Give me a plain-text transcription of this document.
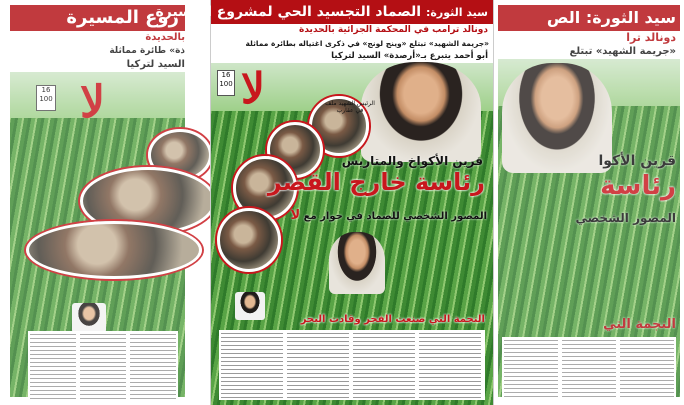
روع المسيرة
بالحديدة
ذة» طائرة مماثلة
السيد لتركيا
لا
16
100
سيد الثورة: الص
دونالد ترا
«جريمة الشهيد» تبتلع
قرين الأكوا
رئاسة
المصور الشخصي
النجمة التي
سيد الثورة: الصماد التجسيد الحي لمشروع المسيرة
دونالد ترامب في المحكمة الجزائية بالحديدة
«جريمة الشهيد» تبتلع «وينج لونج» في ذكرى اغتياله بطائرة مماثلة
أبو أحمد يتبرع بـ«أرصدة» السيد لتركيا
لا
16
100
الرئيس الشهيد ملف في عقارب
قرين الأكواخ والمتاريس
رئاسة خارج القصر
المصور الشخصي للصماد في حوار مع لا
النجمة التي صنعت الفجر وقادت البحر
